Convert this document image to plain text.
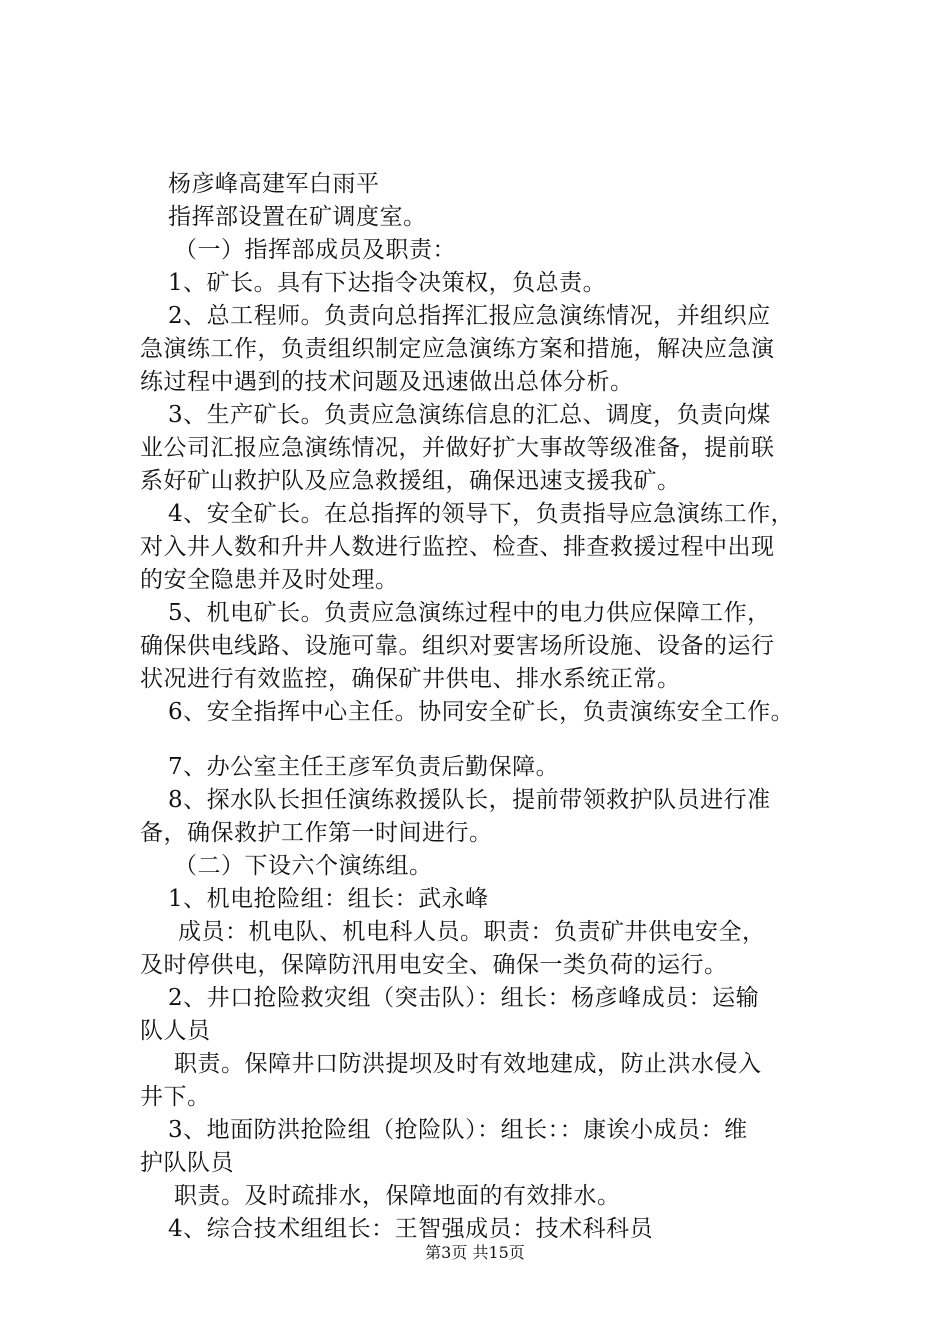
杨彦峰高建军白雨平
指挥部设置在矿调度室。
（一）指挥部成员及职责：
1、矿长。具有下达指令决策权，负总责。
2、总工程师。负责向总指挥汇报应急演练情况，并组织应
急演练工作，负责组织制定应急演练方案和措施，解决应急演
练过程中遇到的技术问题及迅速做出总体分析。
3、生产矿长。负责应急演练信息的汇总、调度，负责向煤
业公司汇报应急演练情况，并做好扩大事故等级准备，提前联
系好矿山救护队及应急救援组，确保迅速支援我矿。
4、安全矿长。在总指挥的领导下，负责指导应急演练工作，
对入井人数和升井人数进行监控、检查、排查救援过程中出现
的安全隐患并及时处理。
5、机电矿长。负责应急演练过程中的电力供应保障工作，
确保供电线路、设施可靠。组织对要害场所设施、设备的运行
状况进行有效监控，确保矿井供电、排水系统正常。
6、安全指挥中心主任。协同安全矿长，负责演练安全工作。
7、办公室主任王彦军负责后勤保障。
8、探水队长担任演练救援队长，提前带领救护队员进行准
备，确保救护工作第一时间进行。
（二）下设六个演练组。
1、机电抢险组：组长：武永峰
成员：机电队、机电科人员。职责：负责矿井供电安全，
及时停供电，保障防汛用电安全、确保一类负荷的运行。
2、井口抢险救灾组（突击队）：组长：杨彦峰成员：运输
队人员
职责。保障井口防洪提坝及时有效地建成，防止洪水侵入
井下。
3、地面防洪抢险组（抢险队）：组长：：康诶小成员：维
护队队员
职责。及时疏排水，保障地面的有效排水。
4、综合技术组组长：王智强成员：技术科科员
第3页 共15页
